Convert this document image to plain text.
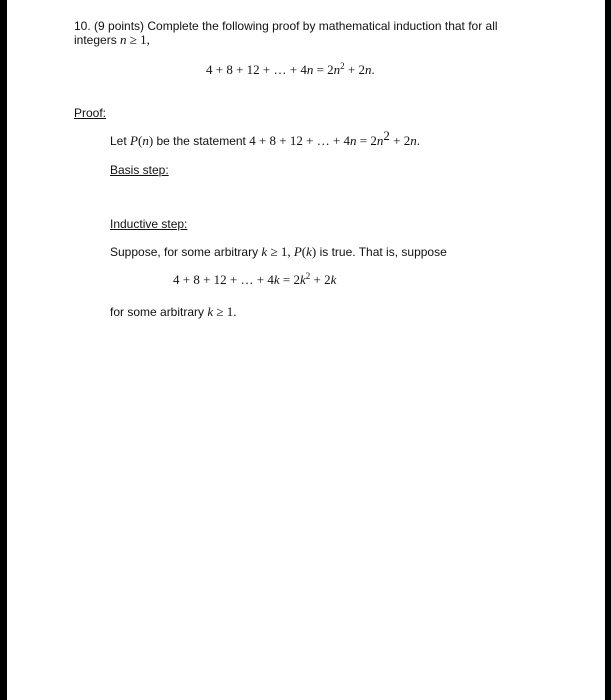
10. (9 points) Complete the following proof by mathematical induction that for all
integers n ≥ 1,
4 + 8 + 12 + … + $4n = 2n^2 + 2n$.
Proof:
Let P(n) be the statement 4 + 8 + 12 + … + $4n = 2n^2 + 2n$.
Basis step:
Inductive step:
Suppose, for some arbitrary k ≥ 1, P(k) is true. That is, suppose
4 + 8 + 12 + … + $4k = 2k^2 + 2k$
for some arbitrary k ≥ 1.
